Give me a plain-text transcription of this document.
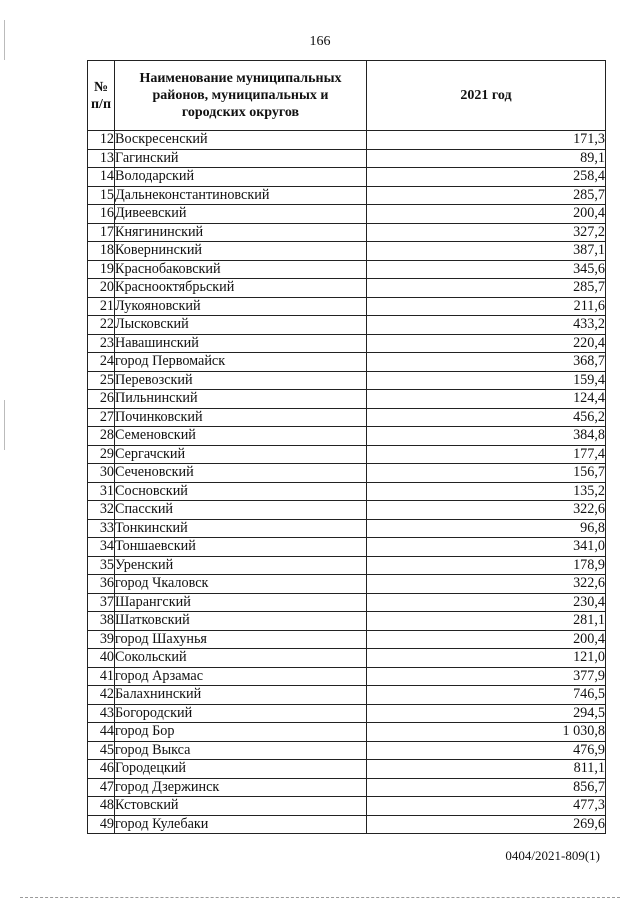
166
№ п/п	Наименование муниципальных районов, муниципальных и городских округов	2021 год
12	Воскресенский	171,3
13	Гагинский	89,1
14	Володарский	258,4
15	Дальнеконстантиновский	285,7
16	Дивеевский	200,4
17	Княгининский	327,2
18	Ковернинский	387,1
19	Краснобаковский	345,6
20	Краснооктябрьский	285,7
21	Лукояновский	211,6
22	Лысковский	433,2
23	Навашинский	220,4
24	город Первомайск	368,7
25	Перевозский	159,4
26	Пильнинский	124,4
27	Починковский	456,2
28	Семеновский	384,8
29	Сергачский	177,4
30	Сеченовский	156,7
31	Сосновский	135,2
32	Спасский	322,6
33	Тонкинский	96,8
34	Тоншаевский	341,0
35	Уренский	178,9
36	город Чкаловск	322,6
37	Шарангский	230,4
38	Шатковский	281,1
39	город Шахунья	200,4
40	Сокольский	121,0
41	город Арзамас	377,9
42	Балахнинский	746,5
43	Богородский	294,5
44	город Бор	1 030,8
45	город Выкса	476,9
46	Городецкий	811,1
47	город Дзержинск	856,7
48	Кстовский	477,3
49	город Кулебаки	269,6
0404/2021-809(1)
